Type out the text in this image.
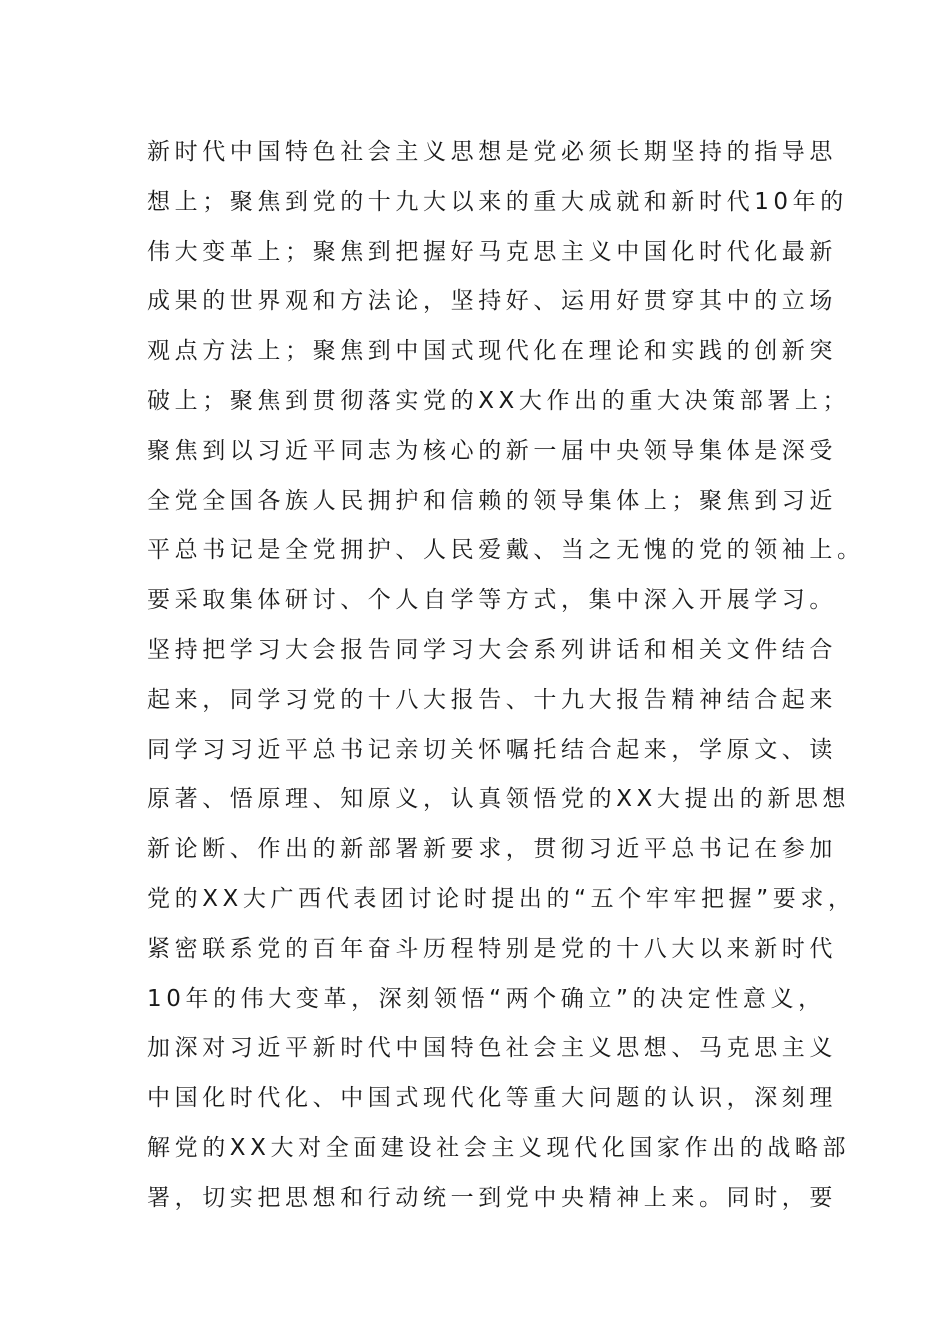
新时代中国特色社会主义思想是党必须长期坚持的指导思
想上；聚焦到党的十九大以来的重大成就和新时代10年的
伟大变革上；聚焦到把握好马克思主义中国化时代化最新
成果的世界观和方法论，坚持好、运用好贯穿其中的立场
观点方法上；聚焦到中国式现代化在理论和实践的创新突
破上；聚焦到贯彻落实党的XX大作出的重大决策部署上；
聚焦到以习近平同志为核心的新一届中央领导集体是深受
全党全国各族人民拥护和信赖的领导集体上；聚焦到习近
平总书记是全党拥护、人民爱戴、当之无愧的党的领袖上。
要采取集体研讨、个人自学等方式，集中深入开展学习。
坚持把学习大会报告同学习大会系列讲话和相关文件结合
起来，同学习党的十八大报告、十九大报告精神结合起来
同学习习近平总书记亲切关怀嘱托结合起来，学原文、读
原著、悟原理、知原义，认真领悟党的XX大提出的新思想
新论断、作出的新部署新要求，贯彻习近平总书记在参加
党的XX大广西代表团讨论时提出的“五个牢牢把握”要求，
紧密联系党的百年奋斗历程特别是党的十八大以来新时代
10年的伟大变革，深刻领悟“两个确立”的决定性意义，
加深对习近平新时代中国特色社会主义思想、马克思主义
中国化时代化、中国式现代化等重大问题的认识，深刻理
解党的XX大对全面建设社会主义现代化国家作出的战略部
署，切实把思想和行动统一到党中央精神上来。同时，要
